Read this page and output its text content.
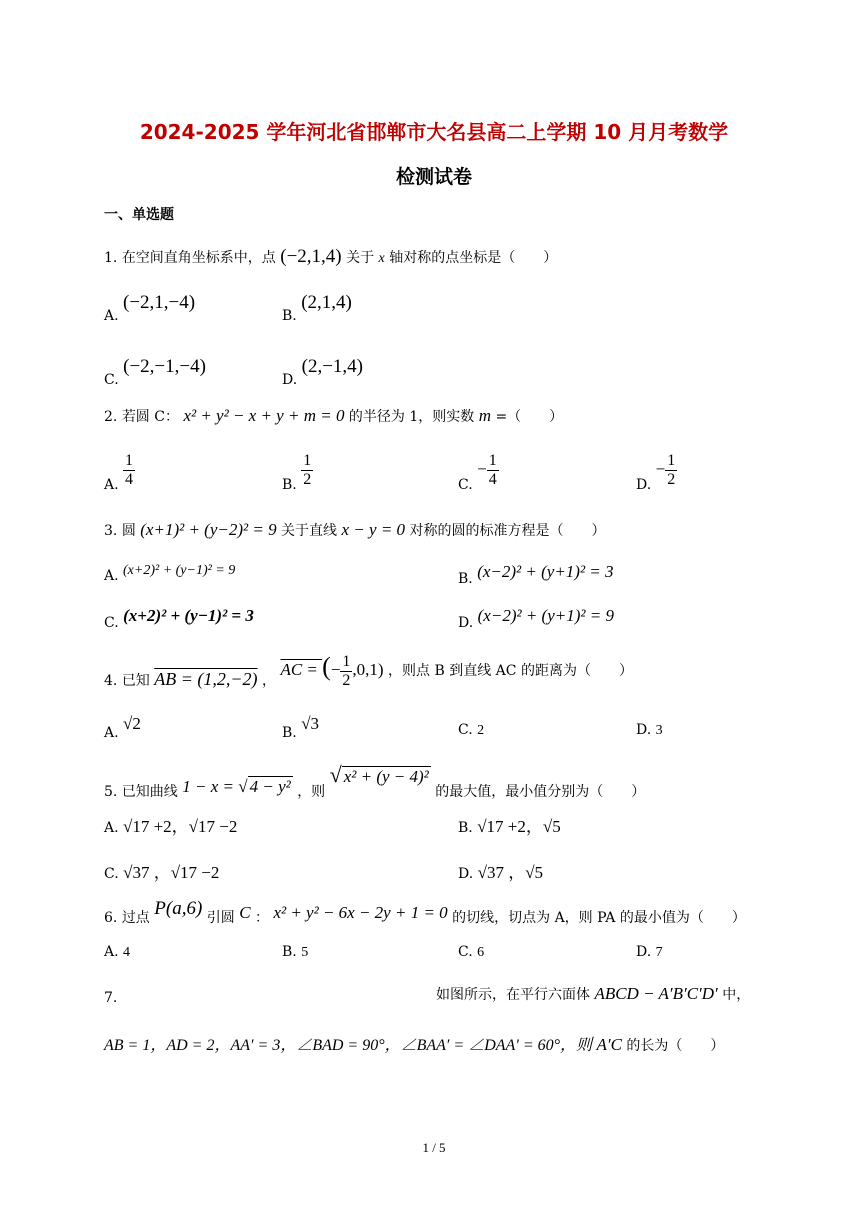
2024-2025 学年河北省邯郸市大名县高二上学期 10 月月考数学
检测试卷
一、单选题
1. 在空间直角坐标系中，点 (−2,1,4) 关于 x 轴对称的点坐标是（　　）
A. (−2,1,−4)
B. (2,1,4)
C. (−2,−1,−4)
D. (2,−1,4)
2. 若圆 C： x² + y² − x + y + m = 0 的半径为 1，则实数 m =（　　）
A. $\frac{1}{4}$	B. $\frac{1}{2}$	C. − $\frac{1}{4}$	D. − $\frac{1}{2}$
3. 圆 (x+1)² + (y−2)² = 9 关于直线 x − y = 0 对称的圆的标准方程是（　　）
A. (x+2)² + (y−1)² = 9
B. (x−2)² + (y+1)² = 3
C. (x+2)² + (y−1)² = 3	D. (x−2)² + (y+1)² = 9
4. 已知 AB = (1,2,−2) ， AC = (− $\frac{1}{2} ,0,1$) ，则点 B 到直线 AC 的距离为（　　）
A. √2	B. √3	C. 2	D. 3
5. 已知曲线 1 − x = √ 4 − y² ，则 √ x² + (y − 4)² 的最大值，最小值分别为（　　）
A. √17 +2，√17 −2	B. √17 +2，√5
C. √37 ，√17 −2	D. √37 ，√5
6. 过点 P(a,6) 引圆 C ： x² + y² − 6x − 2y + 1 = 0 的切线，切点为 A，则 PA 的最小值为（　　）
A. 4	B. 5	C. 6	D. 7
7.	如图所示，在平行六面体 ABCD − A′B′C′D′ 中，
AB = 1，AD = 2，AA′ = 3，∠BAD = 90°，∠BAA′ = ∠DAA′ = 60°，则 A′C 的长为（　　）
1 / 5
